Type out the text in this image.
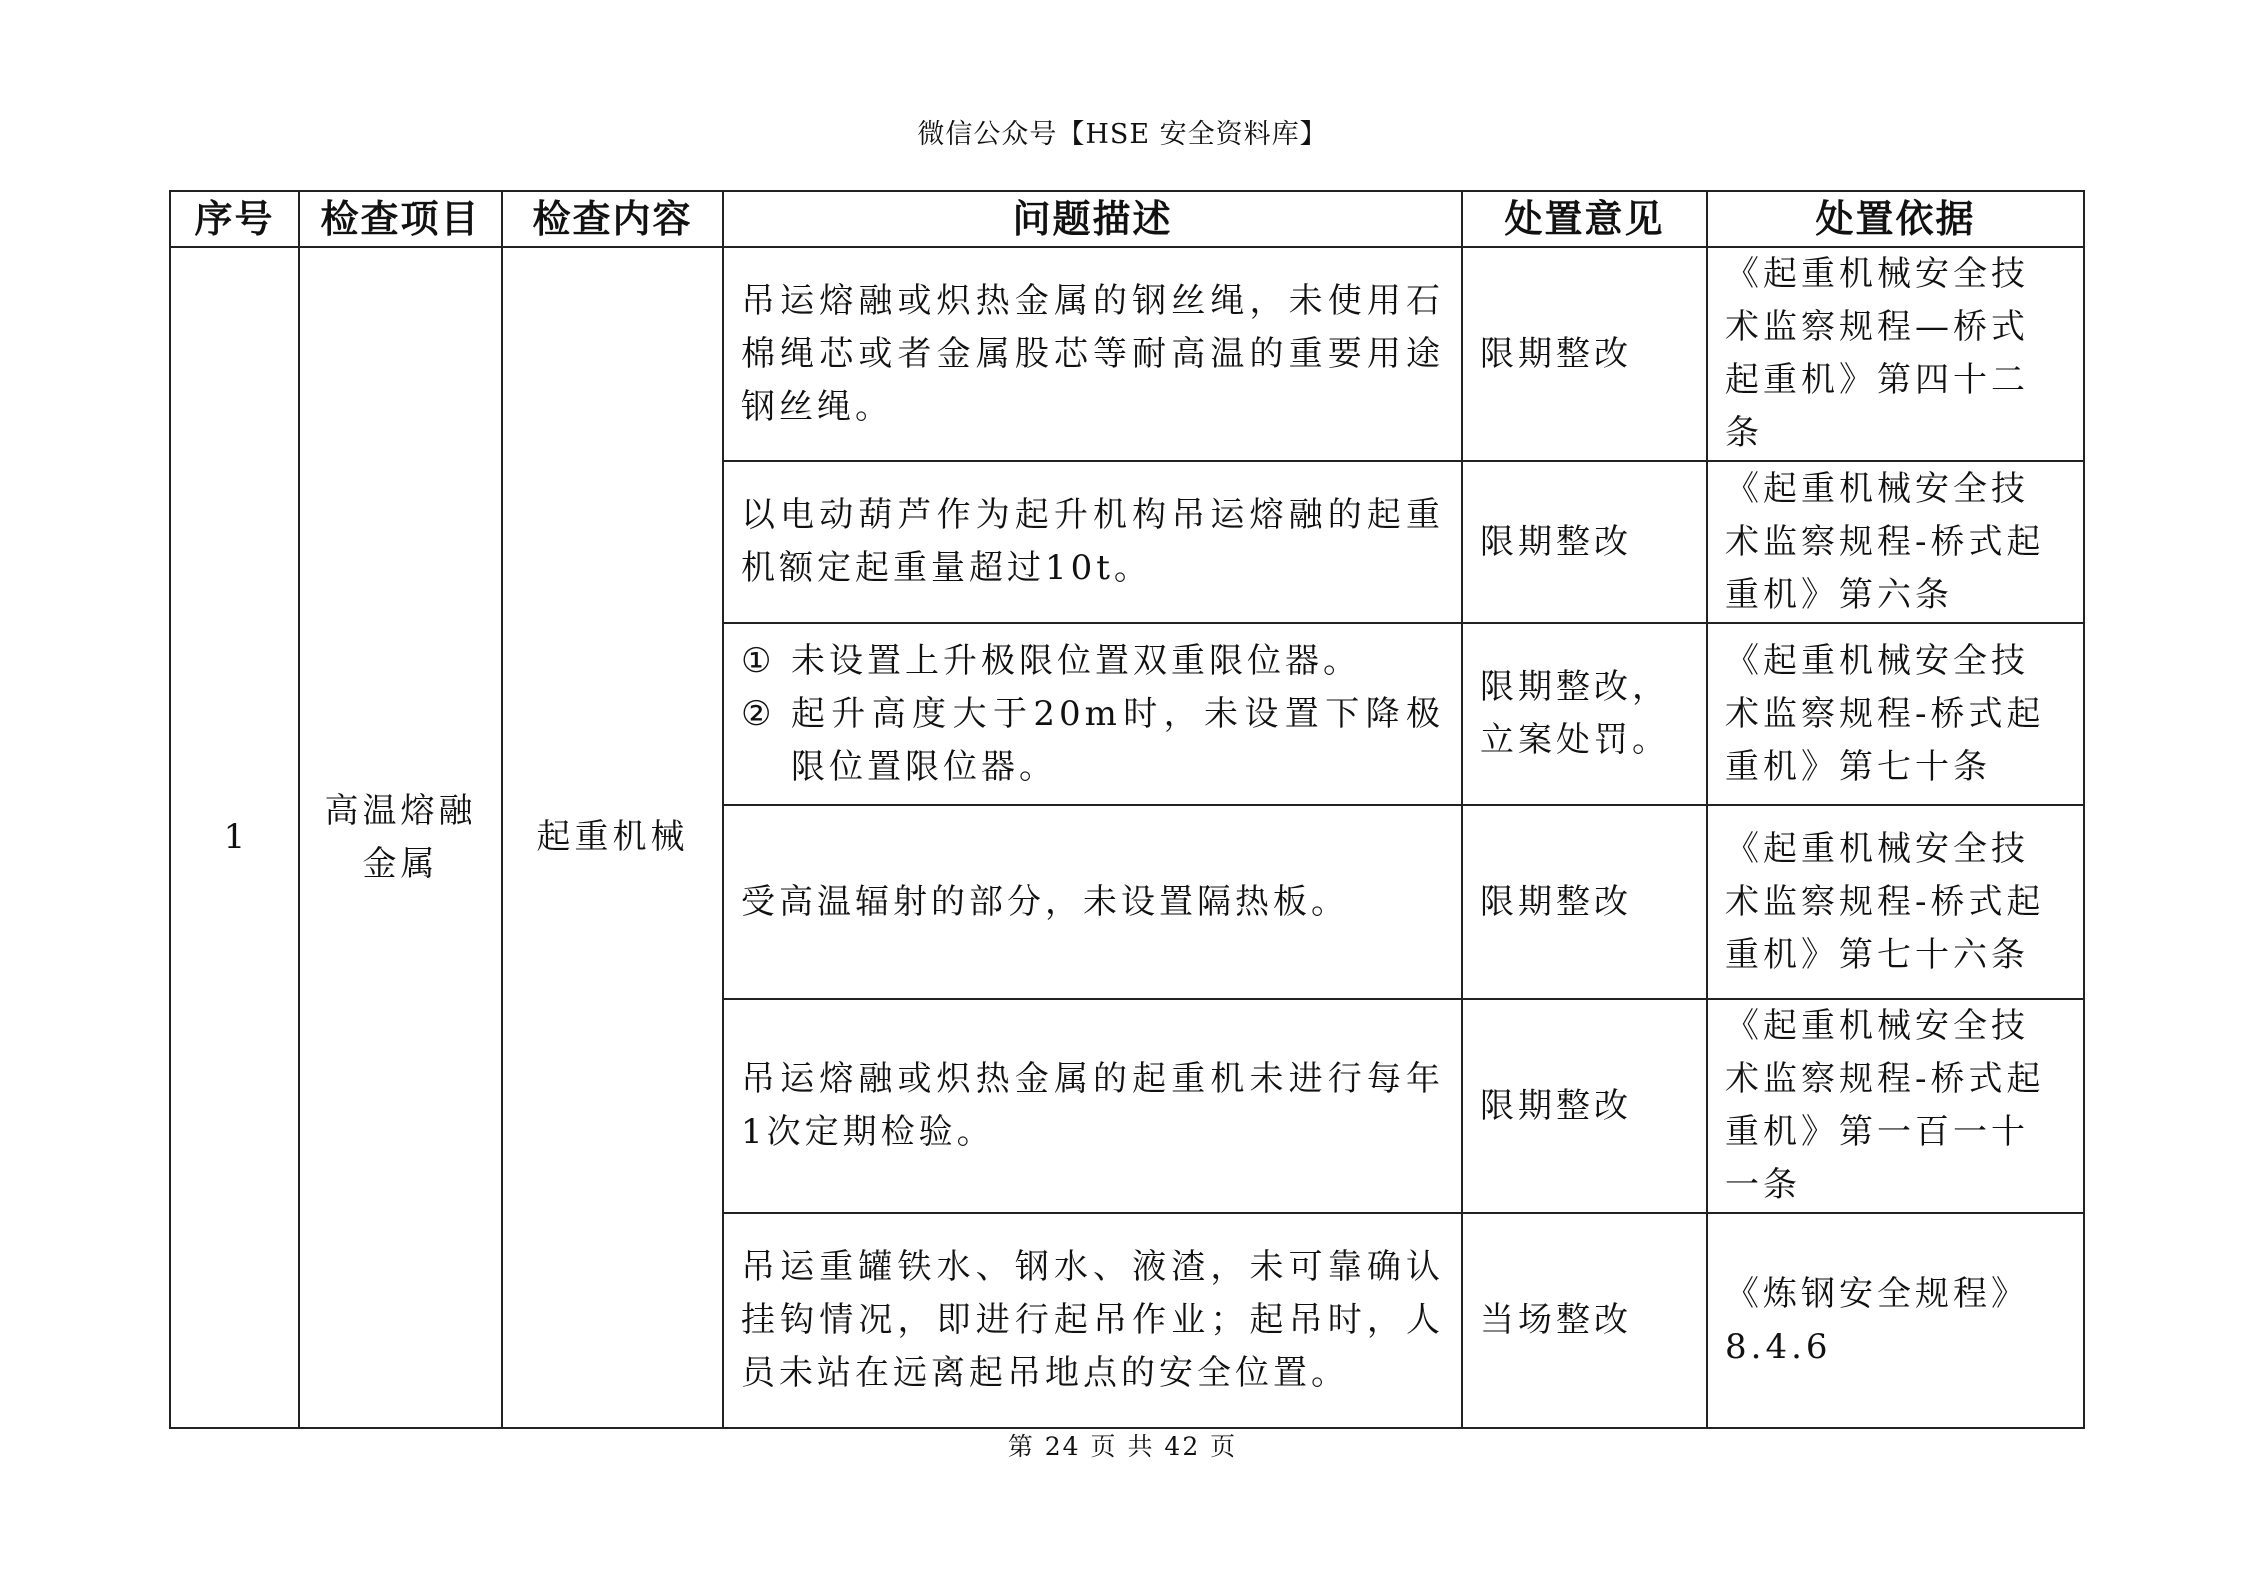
微信公众号【HSE 安全资料库】
序号	检查项目	检查内容	问题描述	处置意见	处置依据
1	高温熔融金属	起重机械	吊运熔融或炽热金属的钢丝绳，未使用石棉绳芯或者金属股芯等耐高温的重要用途钢丝绳。	限期整改	《起重机械安全技术监察规程—桥式起重机》第四十二条
			以电动葫芦作为起升机构吊运熔融的起重机额定起重量超过10t。	限期整改	《起重机械安全技术监察规程-桥式起重机》第六条

			① 未设置上升极限位置双重限位器。
② 起升高度大于20m时，未设置下降极限位置限位器。	限期整改，立案处罚。	《起重机械安全技术监察规程-桥式起重机》第七十条
			受高温辐射的部分，未设置隔热板。	限期整改	《起重机械安全技术监察规程-桥式起重机》第七十六条
			吊运熔融或炽热金属的起重机未进行每年1次定期检验。	限期整改	《起重机械安全技术监察规程-桥式起重机》第一百一十一条
			吊运重罐铁水、钢水、液渣，未可靠确认挂钩情况，即进行起吊作业；起吊时，人员未站在远离起吊地点的安全位置。	当场整改	《炼钢安全规程》8.4.6
第 24 页 共 42 页
